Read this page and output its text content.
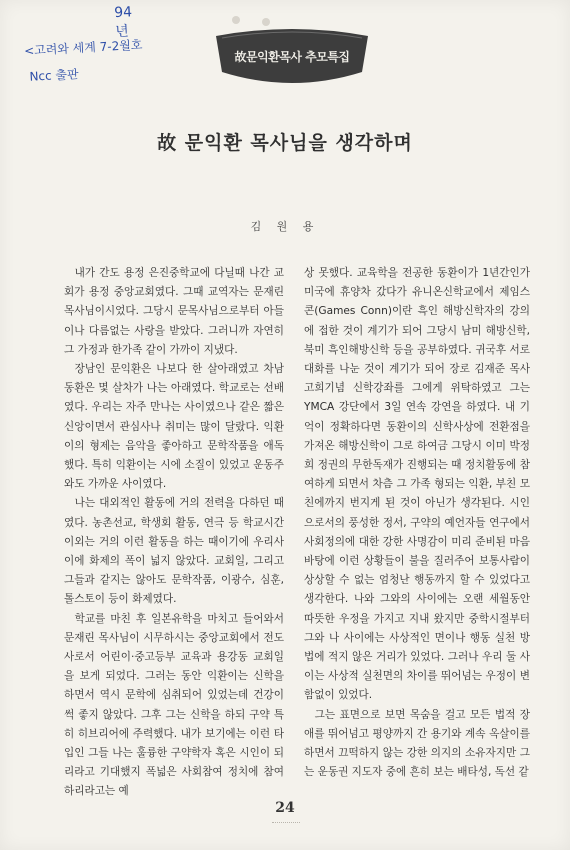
94년
<고려와 세계 7-2월호
Ncc 출판
故문익환목사 추모특집
故 문익환 목사님을 생각하며
김 원 용

내가 간도 용정 은진중학교에 다닐때 나간 교회가 용정 중앙교회였다. 그때 교역자는 문재린 목사님이시었다. 그당시 문목사님으로부터 아들이나 다름없는 사랑을 받았다. 그러니까 자연히 그 가정과 한가족 같이 가까이 지냈다.

장남인 문익환은 나보다 한 살아래였고 차남 동환은 몇 살차가 나는 아래였다. 학교로는 선배였다. 우리는 자주 만나는 사이였으나 같은 짧은 신앙이면서 관심사나 취미는 많이 달랐다. 익환이의 형제는 음악을 좋아하고 문학작품을 애독했다. 특히 익환이는 시에 소질이 있었고 운동주와도 가까운 사이였다.

나는 대외적인 활동에 거의 전력을 다하던 때였다. 농촌선교, 학생회 활동, 연극 등 학교시간 이외는 거의 이런 활동을 하는 때이기에 우리사이에 화제의 폭이 넓지 않았다. 교회일, 그리고 그들과 같지는 않아도 문학작품, 이광수, 심훈, 톨스토이 등이 화제였다.

학교를 마친 후 일본유학을 마치고 들어와서 문재린 목사님이 시무하시는 중앙교회에서 전도사로서 어린이·중고등부 교육과 용강동 교회일을 보게 되었다. 그러는 동안 익환이는 신학을 하면서 역시 문학에 심취되어 있었는데 건강이 썩 좋지 않았다. 그후 그는 신학을 하되 구약 특히 히브리어에 주력했다. 내가 보기에는 이런 타입인 그들 나는 훌륭한 구약학자 혹은 시인이 되리라고 기대했지 폭넓은 사회참여 정치에 참여하리라고는 예

상 못했다. 교육학을 전공한 동환이가 1년간인가 미국에 휴양차 갔다가 유니온신학교에서 제임스 콘(Games Conn)이란 흑인 해방신학자의 강의에 접한 것이 계기가 되어 그당시 남미 해방신학, 북미 흑인해방신학 등을 공부하였다. 귀국후 서로 대화를 나눈 것이 계기가 되어 장로 김재준 목사 고희기념 신학강좌를 그에게 위탁하였고 그는 YMCA 강단에서 3일 연속 강연을 하였다. 내 기억이 정확하다면 동환이의 신학사상에 전환점을 가져온 해방신학이 그로 하여금 그당시 이미 박정희 정권의 무한독재가 진행되는 때 정치활동에 참여하게 되면서 차츰 그 가족 형되는 익환, 부친 모친에까지 번지게 된 것이 아닌가 생각된다. 시인으로서의 풍성한 정서, 구약의 예언자들 연구에서 사회정의에 대한 강한 사명감이 미리 준비된 마음바탕에 이런 상황들이 불을 질러주어 보통사람이 상상할 수 없는 엄청난 행동까지 할 수 있었다고 생각한다. 나와 그와의 사이에는 오랜 세월동안 따뜻한 우정을 가지고 지내 왔지만 중학시절부터 그와 나 사이에는 사상적인 면이나 행동 실천 방법에 적지 않은 거리가 있었다. 그러나 우리 둘 사이는 사상적 실천면의 차이를 뛰어넘는 우정이 변함없이 있었다.

그는 표면으로 보면 목숨을 걸고 모든 법적 장애를 뛰어넘고 평양까지 간 용기와 계속 옥살이를 하면서 끄떡하지 않는 강한 의지의 소유자지만 그는 운동권 지도자 중에 흔히 보는 배타성, 독선 같

24
